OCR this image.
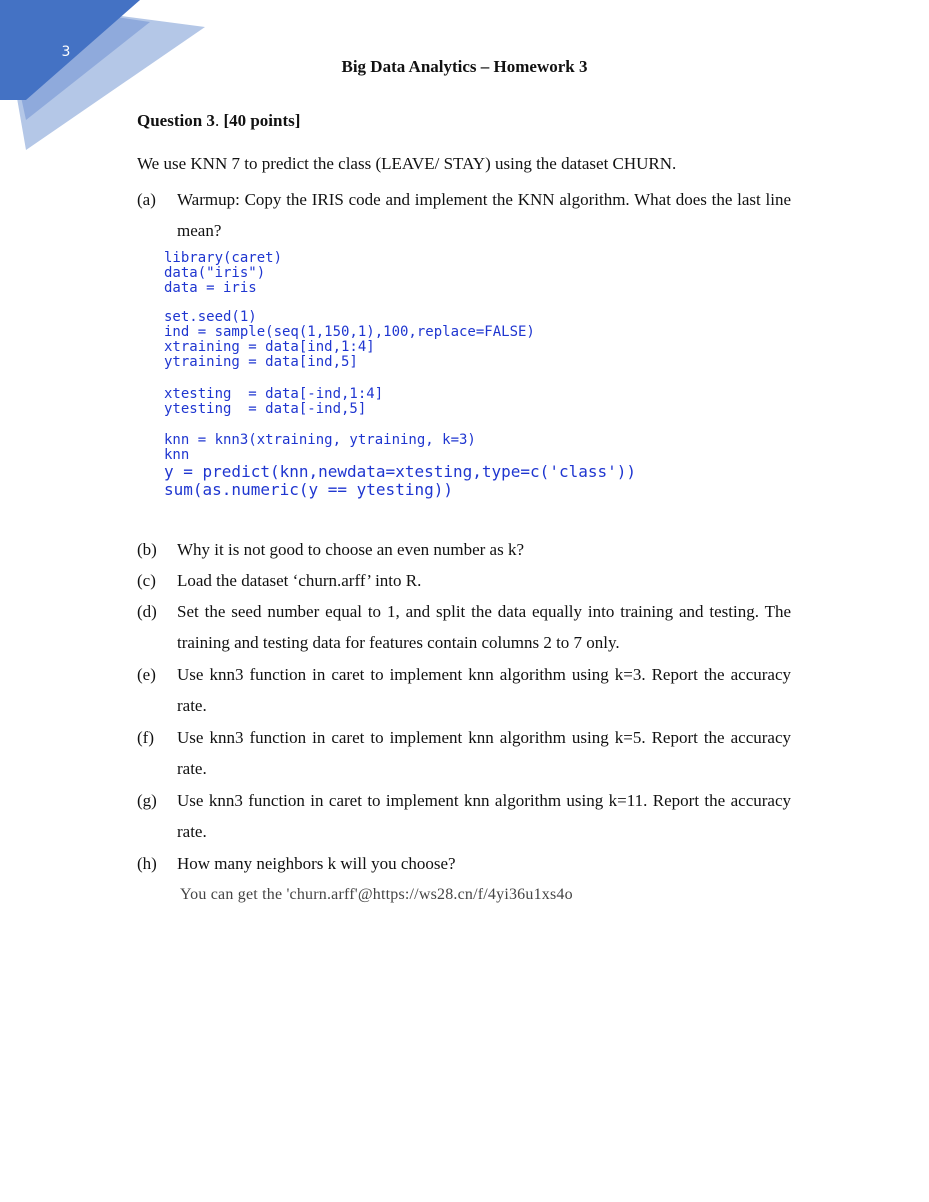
3
Big Data Analytics – Homework 3
Question 3. [40 points]
We use KNN 7 to predict the class (LEAVE/ STAY) using the dataset CHURN.
(a) Warmup: Copy the IRIS code and implement the KNN algorithm. What does the last line mean?
library(caret)
data("iris")
data = iris
set.seed(1)
ind = sample(seq(1,150,1),100,replace=FALSE)
xtraining = data[ind,1:4]
ytraining = data[ind,5]
xtesting  = data[-ind,1:4]
ytesting  = data[-ind,5]
knn = knn3(xtraining, ytraining, k=3)
knn
y = predict(knn,newdata=xtesting,type=c('class'))
sum(as.numeric(y == ytesting))
(b) Why it is not good to choose an even number as k?
(c) Load the dataset ‘churn.arff’ into R.
(d) Set the seed number equal to 1, and split the data equally into training and testing. The training and testing data for features contain columns 2 to 7 only.
(e) Use knn3 function in caret to implement knn algorithm using k=3. Report the accuracy rate.
(f) Use knn3 function in caret to implement knn algorithm using k=5. Report the accuracy rate.
(g) Use knn3 function in caret to implement knn algorithm using k=11. Report the accuracy rate.
(h) How many neighbors k will you choose?
You can get the 'churn.arff'@https://ws28.cn/f/4yi36u1xs4o
